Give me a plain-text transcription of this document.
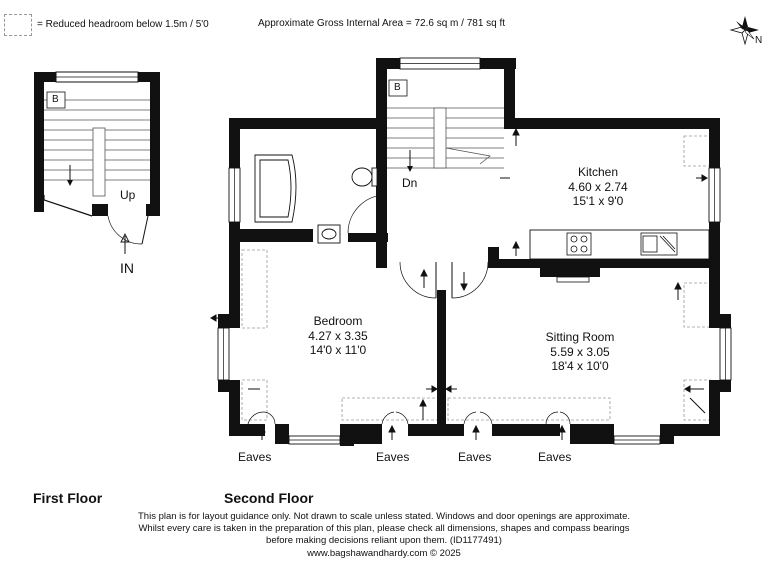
= Reduced headroom below 1.5m / 5'0	Approximate Gross Internal Area = 72.6 sq m / 781 sq ft
N
B
B
Up
IN
Dn
Kitchen
4.60 x 2.74
15'1 x 9'0
Bedroom
4.27 x 3.35
14'0 x 11'0
Sitting Room
5.59 x 3.05
18'4 x 10'0
Eaves	Eaves	Eaves	Eaves
First Floor	Second Floor
This plan is for layout guidance only. Not drawn to scale unless stated. Windows and door openings are approximate.
Whilst every care is taken in the preparation of this plan, please check all dimensions, shapes and compass bearings
before making decisions reliant upon them. (ID1177491)
www.bagshawandhardy.com © 2025
